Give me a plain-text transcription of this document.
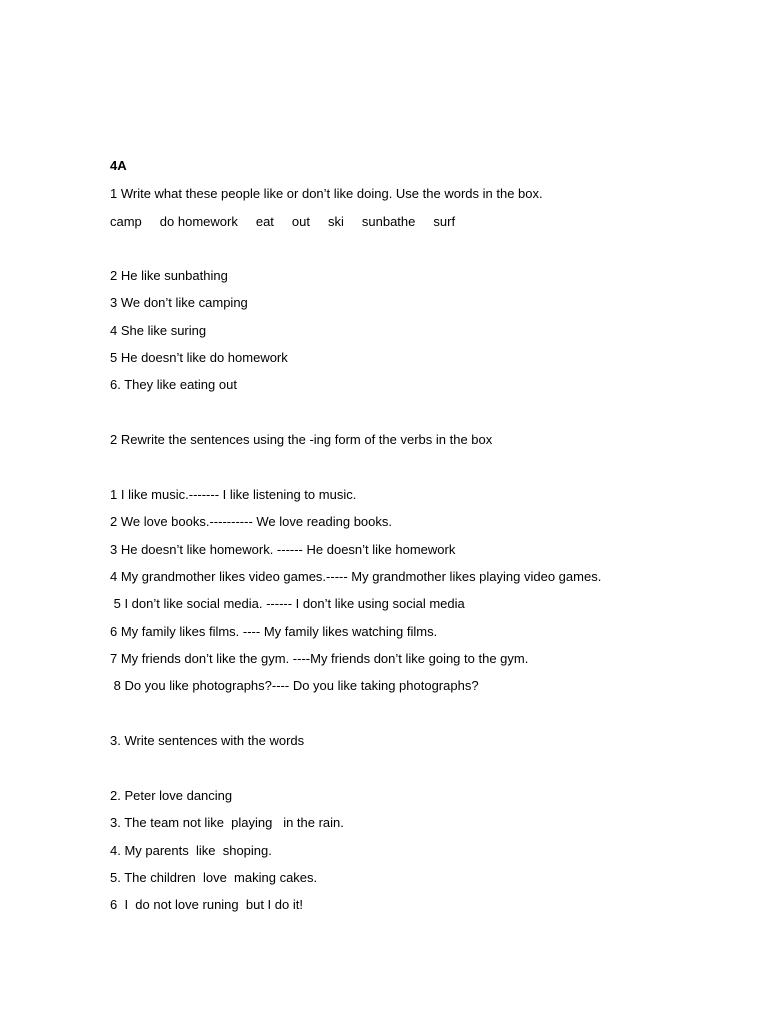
4A
1 Write what these people like or don’t like doing. Use the words in the box.
camp do homework eat out ski sunbathe surf
2 He like sunbathing
3 We don’t like camping
4 She like suring
5 He doesn’t like do homework
6. They like eating out
2 Rewrite the sentences using the -ing form of the verbs in the box
1 I like music.------- I like listening to music.
2 We love books.---------- We love reading books.
3 He doesn’t like homework. ------ He doesn’t like homework
4 My grandmother likes video games.----- My grandmother likes playing video games.
5 I don’t like social media. ------ I don’t like using social media
6 My family likes films. ---- My family likes watching films.
7 My friends don’t like the gym. ----My friends don’t like going to the gym.
8 Do you like photographs?---- Do you like taking photographs?
3. Write sentences with the words
2. Peter love dancing
3. The team not like  playing   in the rain.
4. My parents  like  shoping.
5. The children  love  making cakes.
6  I  do not love runing  but I do it!
